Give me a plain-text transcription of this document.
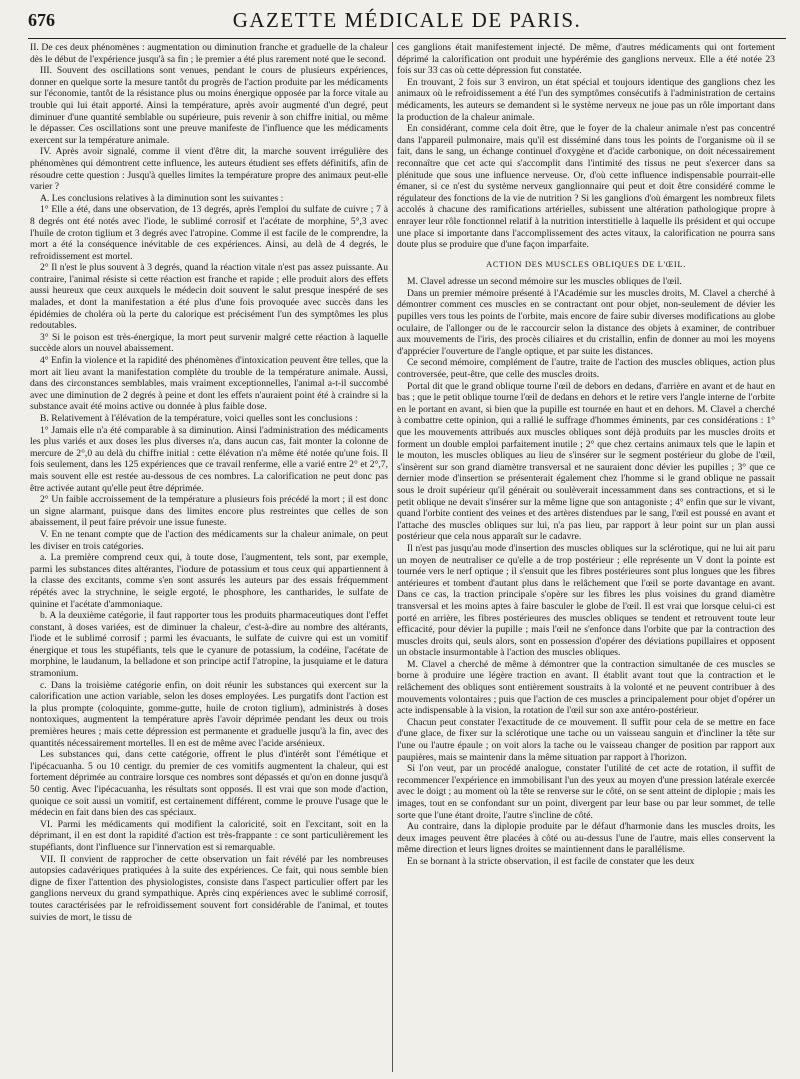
676	GAZETTE MÉDICALE DE PARIS.

II. De ces deux phénomènes : augmentation ou diminution franche et graduelle de la chaleur dès le début de l'expérience jusqu'à sa fin ; le premier a été plus rarement noté que le second.

III. Souvent des oscillations sont venues, pendant le cours de plusieurs expériences, donner en quelque sorte la mesure tantôt du progrès de l'action produite par les médicaments sur l'économie, tantôt de la résistance plus ou moins énergique opposée par la force vitale au trouble qui lui était apporté. Ainsi la température, après avoir augmenté d'un degré, peut diminuer d'une quantité semblable ou supérieure, puis revenir à son chiffre initial, ou même le dépasser. Ces oscillations sont une preuve manifeste de l'influence que les médicaments exercent sur la température animale.

IV. Après avoir signalé, comme il vient d'être dit, la marche souvent irrégulière des phénomènes qui démontrent cette influence, les auteurs étudient ses effets définitifs, afin de résoudre cette question : Jusqu'à quelles limites la température propre des animaux peut-elle varier ?

A. Les conclusions relatives à la diminution sont les suivantes :

1° Elle a été, dans une observation, de 13 degrés, après l'emploi du sulfate de cuivre ; 7 à 8 degrés ont été notés avec l'iode, le sublimé corrosif et l'acétate de morphine, 5°,3 avec l'huile de croton tiglium et 3 degrés avec l'atropine. Comme il est facile de le comprendre, la mort a été la conséquence inévitable de ces expériences. Ainsi, au delà de 4 degrés, le refroidissement est mortel.

2° Il n'est le plus souvent à 3 degrés, quand la réaction vitale n'est pas assez puissante. Au contraire, l'animal résiste si cette réaction est franche et rapide ; elle produit alors des effets aussi heureux que ceux auxquels le médecin doit souvent le salut presque inespéré de ses malades, et dont la manifestation a été plus d'une fois provoquée avec succès dans les épidémies de choléra où la perte du calorique est précisément l'un des symptômes les plus redoutables.

3° Si le poison est très-énergique, la mort peut survenir malgré cette réaction à laquelle succède alors un nouvel abaissement.

4° Enfin la violence et la rapidité des phénomènes d'intoxication peuvent être telles, que la mort ait lieu avant la manifestation complète du trouble de la température animale. Aussi, dans des circonstances semblables, mais vraiment exceptionnelles, l'animal a-t-il succombé avec une diminution de 2 degrés à peine et dont les effets n'auraient point été à craindre si la substance avait été moins active ou donnée à plus faible dose.

B. Relativement à l'élévation de la température, voici quelles sont les conclusions :

1° Jamais elle n'a été comparable à sa diminution. Ainsi l'administration des médicaments les plus variés et aux doses les plus diverses n'a, dans aucun cas, fait monter la colonne de mercure de 2°,0 au delà du chiffre initial : cette élévation n'a même été notée qu'une fois. Il fois seulement, dans les 125 expériences que ce travail renferme, elle a varié entre 2° et 2°,7, mais souvent elle est restée au-dessous de ces nombres. La calorification ne peut donc pas être activée autant qu'elle peut être déprimée.

2° Un faible accroissement de la température a plusieurs fois précédé la mort ; il est donc un signe alarmant, puisque dans des limites encore plus restreintes que celles de son abaissement, il peut faire prévoir une issue funeste.

V. En ne tenant compte que de l'action des médicaments sur la chaleur animale, on peut les diviser en trois catégories.

a. La première comprend ceux qui, à toute dose, l'augmentent, tels sont, par exemple, parmi les substances dites altérantes, l'iodure de potassium et tous ceux qui appartiennent à la classe des excitants, comme s'en sont assurés les auteurs par des essais fréquemment répétés avec la strychnine, le seigle ergoté, le phosphore, les cantharides, le sulfate de quinine et l'acétate d'ammoniaque.

b. A la deuxième catégorie, il faut rapporter tous les produits pharmaceutiques dont l'effet constant, à doses variées, est de diminuer la chaleur, c'est-à-dire au nombre des altérants, l'iode et le sublimé corrosif ; parmi les évacuants, le sulfate de cuivre qui est un vomitif énergique et tous les stupéfiants, tels que le cyanure de potassium, la codéine, l'acétate de morphine, le laudanum, la belladone et son principe actif l'atropine, la jusquiame et le datura stramonium.

c. Dans la troisième catégorie enfin, on doit réunir les substances qui exercent sur la calorification une action variable, selon les doses employées. Les purgatifs dont l'action est la plus prompte (coloquinte, gomme-gutte, huile de croton tiglium), administrés à doses nontoxiques, augmentent la température après l'avoir déprimée pendant les deux ou trois premières heures ; mais cette dépression est permanente et graduelle jusqu'à la fin, avec des quantités nécessairement mortelles. Il en est de même avec l'acide arsénieux.

Les substances qui, dans cette catégorie, offrent le plus d'intérêt sont l'émétique et l'ipécacuanha. 5 ou 10 centigr. du premier de ces vomitifs augmentent la chaleur, qui est fortement déprimée au contraire lorsque ces nombres sont dépassés et qu'on en donne jusqu'à 50 centig. Avec l'ipécacuanha, les résultats sont opposés. Il est vrai que son mode d'action, quoique ce soit aussi un vomitif, est certainement différent, comme le prouve l'usage que le médecin en fait dans bien des cas spéciaux.

VI. Parmi les médicaments qui modifient la caloricité, soit en l'excitant, soit en la déprimant, il en est dont la rapidité d'action est très-frappante : ce sont particulièrement les stupéfiants, dont l'influence sur l'innervation est si remarquable.

VII. Il convient de rapprocher de cette observation un fait révélé par les nombreuses autopsies cadavériques pratiquées à la suite des expériences. Ce fait, qui nous semble bien digne de fixer l'attention des physiologistes, consiste dans l'aspect particulier offert par les ganglions nerveux du grand sympathique. Après cinq expériences avec le sublimé corrosif, toutes caractérisées par le refroidissement souvent fort considérable de l'animal, et toutes suivies de mort, le tissu de

ces ganglions était manifestement injecté. De même, d'autres médicaments qui ont fortement déprimé la calorification ont produit une hypérémie des ganglions nerveux. Elle a été notée 23 fois sur 33 cas où cette dépression fut constatée.

En trouvant, 2 fois sur 3 environ, un état spécial et toujours identique des ganglions chez les animaux où le refroidissement a été l'un des symptômes consécutifs à l'administration de certains médicaments, les auteurs se demandent si le système nerveux ne joue pas un rôle important dans la production de la chaleur animale.

En considérant, comme cela doit être, que le foyer de la chaleur animale n'est pas concentré dans l'appareil pulmonaire, mais qu'il est disséminé dans tous les points de l'organisme où il se fait, dans le sang, un échange continuel d'oxygène et d'acide carbonique, on doit nécessairement reconnaître que cet acte qui s'accomplit dans l'intimité des tissus ne peut s'exercer dans sa plénitude que sous une influence nerveuse. Or, d'où cette influence indispensable pourrait-elle émaner, si ce n'est du système nerveux ganglionnaire qui peut et doit être considéré comme le régulateur des fonctions de la vie de nutrition ? Si les ganglions d'où émargent les nombreux filets accolés à chacune des ramifications artérielles, subissent une altération pathologique propre à enrayer leur rôle fonctionnel relatif à la nutrition interstitielle à laquelle ils président et qui occupe une place si importante dans l'accomplissement des actes vitaux, la calorification ne pourra sans doute plus se produire que d'une façon imparfaite.

ACTION DES MUSCLES OBLIQUES DE L'ŒIL.

M. Clavel adresse un second mémoire sur les muscles obliques de l'œil.

Dans un premier mémoire présenté à l'Académie sur les muscles droits, M. Clavel a cherché à démontrer comment ces muscles en se contractant ont pour objet, non-seulement de dévier les pupilles vers tous les points de l'orbite, mais encore de faire subir diverses modifications au globe oculaire, de l'allonger ou de le raccourcir selon la distance des objets à examiner, de contribuer aux mouvements de l'iris, des procès ciliaires et du cristallin, enfin de donner au moi les moyens d'apprécier l'ouverture de l'angle optique, et par suite les distances.

Ce second mémoire, complément de l'autre, traite de l'action des muscles obliques, action plus controversée, peut-être, que celle des muscles droits.

Portal dit que le grand oblique tourne l'œil de debors en dedans, d'arrière en avant et de haut en bas ; que le petit oblique tourne l'œil de dedans en dehors et le retire vers l'angle interne de l'orbite en le portant en avant, si bien que la pupille est tournée en haut et en dehors. M. Clavel a cherché à combattre cette opinion, qui a rallié le suffrage d'hommes éminents, par ces considérations : 1° que les mouvements attribués aux muscles obliques sont déjà produits par les muscles droits et forment un double emploi parfaitement inutile ; 2° que chez certains animaux tels que le lapin et le mouton, les muscles obliques au lieu de s'insérer sur le segment postérieur du globe de l'œil, s'insèrent sur son grand diamètre transversal et ne sauraient donc dévier les pupilles ; 3° que ce dernier mode d'insertion se présenterait également chez l'homme si le grand oblique ne passait sous le droit supérieur qu'il générait ou soulèverait incessamment dans ses contractions, et si le petit oblique ne devait s'insérer sur la même ligne que son antagoniste ; 4° enfin que sur le vivant, quand l'orbite contient des veines et des artères distendues par le sang, l'œil est poussé en avant et l'attache des muscles obliques sur lui, n'a pas lieu, par rapport à leur point sur un plan aussi postérieur que cela nous apparaît sur le cadavre.

Il n'est pas jusqu'au mode d'insertion des muscles obliques sur la sclérotique, qui ne lui ait paru un moyen de neutraliser ce qu'elle a de trop postérieur ; elle représente un V dont la pointe est tournée vers le nerf optique ; il s'ensuit que les fibres postérieures sont plus longues que les fibres antérieures et tombent d'autant plus dans le relâchement que l'œil se porte davantage en avant. Dans ce cas, la traction principale s'opère sur les fibres les plus voisines du grand diamètre transversal et les moins aptes à faire basculer le globe de l'œil. Il est vrai que lorsque celui-ci est porté en arrière, les fibres postérieures des muscles obliques se tendent et retrouvent toute leur efficacité, pour dévier la pupille ; mais l'œil ne s'enfonce dans l'orbite que par la contraction des muscles droits qui, seuls alors, sont en possession d'opérer des déviations pupillaires et opposent un obstacle insurmontable à l'action des muscles obliques.

M. Clavel a cherché de même à démontrer que la contraction simultanée de ces muscles se borne à produire une légère traction en avant. Il établit avant tout que la contraction et le relâchement des obliques sont entièrement soustraits à la volonté et ne peuvent contribuer à des mouvements volontaires ; puis que l'action de ces muscles a principalement pour objet d'opérer un acte indispensable à la vision, la rotation de l'œil sur son axe antéro-postérieur.

Chacun peut constater l'exactitude de ce mouvement. Il suffit pour cela de se mettre en face d'une glace, de fixer sur la sclérotique une tache ou un vaisseau sanguin et d'incliner la tête sur l'une ou l'autre épaule ; on voit alors la tache ou le vaisseau changer de position par rapport aux paupières, mais se maintenir dans la même situation par rapport à l'horizon.

Si l'on veut, par un procédé analogue, constater l'utilité de cet acte de rotation, il suffit de recommencer l'expérience en immobilisant l'un des yeux au moyen d'une pression latérale exercée avec le doigt ; au moment où la tête se renverse sur le côté, on se sent atteint de diplopie ; mais les images, tout en se confondant sur un point, divergent par leur base ou par leur sommet, de telle sorte que l'une étant droite, l'autre s'incline de côté.

Au contraire, dans la diplopie produite par le défaut d'harmonie dans les muscles droits, les deux images peuvent être placées à côté ou au-dessus l'une de l'autre, mais elles conservent la même direction et leurs lignes droites se maintiennent dans le parallélisme.

En se bornant à la stricte observation, il est facile de constater que les deux
